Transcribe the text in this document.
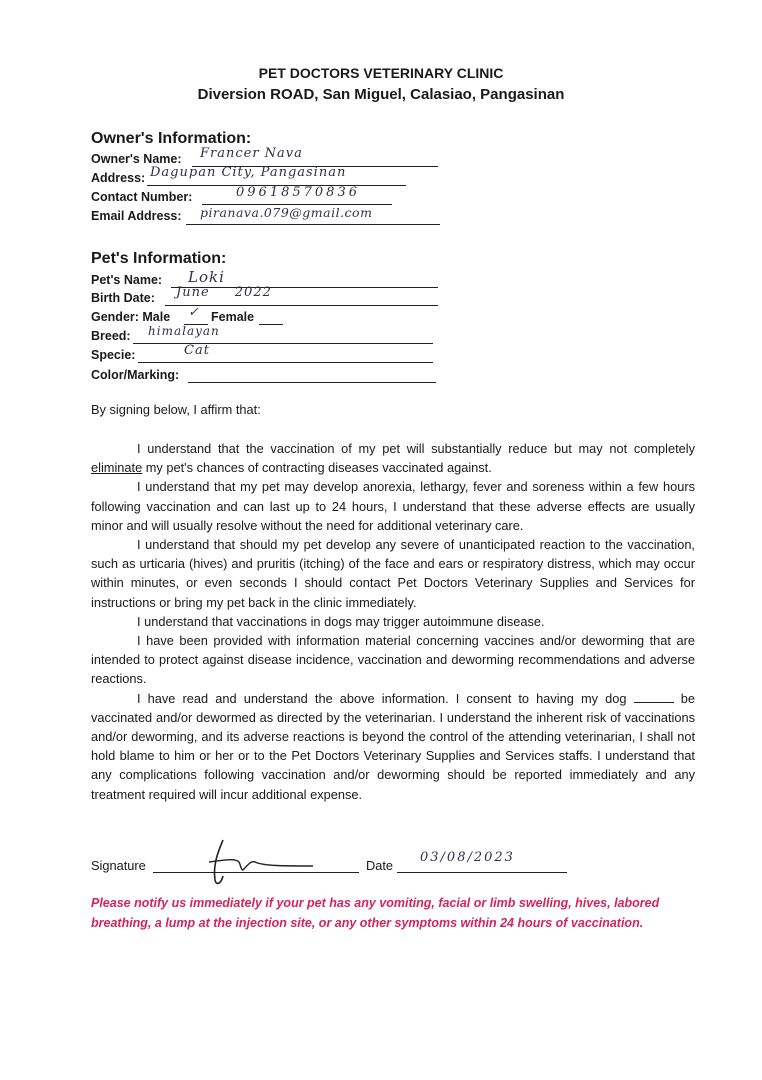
PET DOCTORS VETERINARY CLINIC
Diversion ROAD, San Miguel, Calasiao, Pangasinan
Owner's Information:
Owner's Name: Francer Nava
Address: Dagupan City, Pangasinan
Contact Number:	09618570836
Email Address: piranava.079@gmail.com
Pet's Information:
Pet's Name: Loki
Birth Date: June 2022
Gender: Male ✓ Female
Breed: himalayan
Specie:	Cat
Color/Marking:
By signing below, I affirm that:

I understand that the vaccination of my pet will substantially reduce but may not completely eliminate my pet's chances of contracting diseases vaccinated against.

I understand that my pet may develop anorexia, lethargy, fever and soreness within a few hours following vaccination and can last up to 24 hours, I understand that these adverse effects are usually minor and will usually resolve without the need for additional veterinary care.

I understand that should my pet develop any severe of unanticipated reaction to the vaccination, such as urticaria (hives) and pruritis (itching) of the face and ears or respiratory distress, which may occur within minutes, or even seconds I should contact Pet Doctors Veterinary Supplies and Services for instructions or bring my pet back in the clinic immediately.

I understand that vaccinations in dogs may trigger autoimmune disease.

I have been provided with information material concerning vaccines and/or deworming that are intended to protect against disease incidence, vaccination and deworming recommendations and adverse reactions.

I have read and understand the above information. I consent to having my dog	be vaccinated and/or dewormed as directed by the veterinarian. I understand the inherent risk of vaccinations and/or deworming, and its adverse reactions is beyond the control of the attending veterinarian, I shall not hold blame to him or her or to the Pet Doctors Veterinary Supplies and Services staffs. I understand that any complications following vaccination and/or deworming should be reported immediately and any treatment required will incur additional expense.

Signature	Date
03/08/2023
Please notify us immediately if your pet has any vomiting, facial or limb swelling, hives, labored breathing, a lump at the injection site, or any other symptoms within 24 hours of vaccination.
